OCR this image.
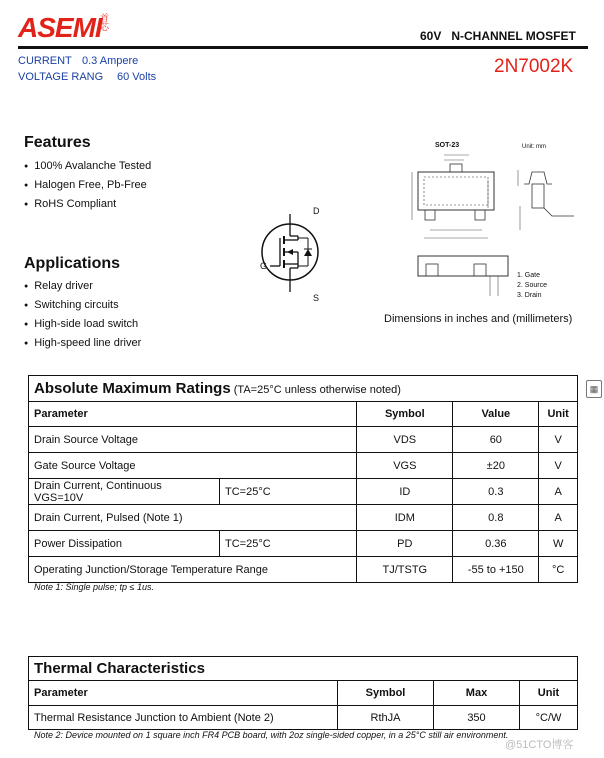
ASEMI
首芯
60V   N-CHANNEL MOSFET
CURRENT 0.3 Ampere
VOLTAGE RANG 60 Volts	2N7002K
Features
● 100% Avalanche Tested
● Halogen Free, Pb-Free
● RoHS Compliant
Applications
● Relay driver
● Switching circuits
● High-side load switch
● High-speed line driver
D
G
S
SOT-23	Unit: mm
1. Gate
2. Source
3. Drain
Dimensions in inches and (millimeters)
Absolute Maximum Ratings (TA=25°C unless otherwise noted)				
Parameter		Symbol	Value	Unit
Drain Source Voltage		VDS	60	V
Gate Source Voltage		VGS	±20	V
Drain Current, Continuous VGS=10V	TC=25°C	ID	0.3	A
Drain Current, Pulsed (Note 1)		IDM	0.8	A
Power Dissipation	TC=25°C	PD	0.36	W
Operating Junction/Storage Temperature Range		TJ/TSTG	-55 to +150	°C
Note 1: Single pulse; tp ≤ 1us.
Thermal Characteristics			
Parameter	Symbol	Max	Unit
Thermal Resistance Junction to Ambient (Note 2)	RthJA	350	°C/W
Note 2: Device mounted on 1 square inch FR4 PCB board, with 2oz single-sided copper, in a 25°C still air environment.
▦
@51CTO博客
